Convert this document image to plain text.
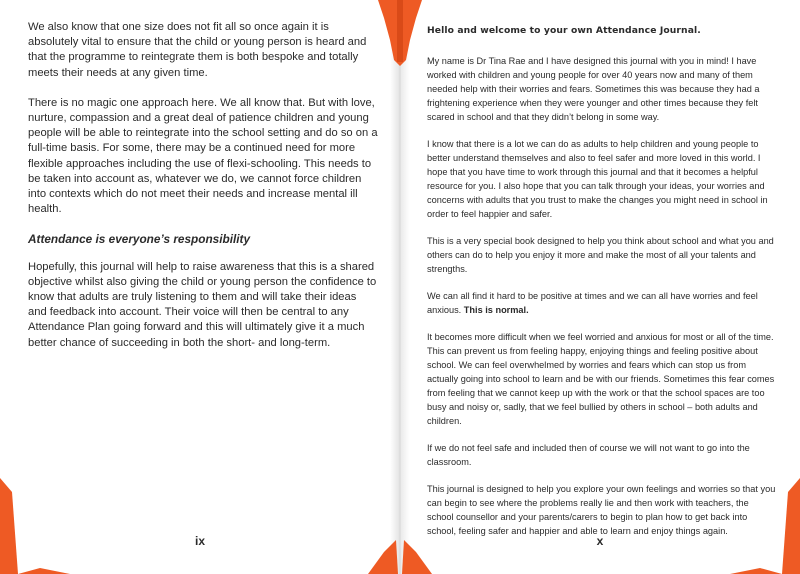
We also know that one size does not fit all so once again it is absolutely vital to ensure that the child or young person is heard and that the programme to reintegrate them is both bespoke and totally meets their needs at any given time.

There is no magic one approach here. We all know that. But with love, nurture, compassion and a great deal of patience children and young people will be able to reintegrate into the school setting and do so on a full-time basis. For some, there may be a continued need for more flexible approaches including the use of flexi-schooling. This needs to be taken into account as, whatever we do, we cannot force children into contexts which do not meet their needs and increase mental ill health.

Attendance is everyone’s responsibility

Hopefully, this journal will help to raise awareness that this is a shared objective whilst also giving the child or young person the confidence to know that adults are truly listening to them and will take their ideas and feedback into account. Their voice will then be central to any Attendance Plan going forward and this will ultimately give it a much better chance of succeeding in both the short- and long-term.

ix

Hello and welcome to your own Attendance Journal.

My name is Dr Tina Rae and I have designed this journal with you in mind! I have worked with children and young people for over 40 years now and many of them needed help with their worries and fears. Sometimes this was because they had a frightening experience when they were younger and other times because they felt scared in school and that they didn’t belong in some way.

I know that there is a lot we can do as adults to help children and young people to better understand themselves and also to feel safer and more loved in this world. I hope that you have time to work through this journal and that it becomes a helpful resource for you. I also hope that you can talk through your ideas, your worries and concerns with adults that you trust to make the changes you might need in school in order to feel happier and safer.

This is a very special book designed to help you think about school and what you and others can do to help you enjoy it more and make the most of all your talents and strengths.

We can all find it hard to be positive at times and we can all have worries and feel anxious. This is normal.

It becomes more difficult when we feel worried and anxious for most or all of the time. This can prevent us from feeling happy, enjoying things and feeling positive about school. We can feel overwhelmed by worries and fears which can stop us from actually going into school to learn and be with our friends. Sometimes this fear comes from feeling that we cannot keep up with the work or that the school spaces are too busy and noisy or, sadly, that we feel bullied by others in school – both adults and children.

If we do not feel safe and included then of course we will not want to go into the classroom.

This journal is designed to help you explore your own feelings and worries so that you can begin to see where the problems really lie and then work with teachers, the school counsellor and your parents/carers to begin to plan how to get back into school, feeling safer and happier and able to learn and enjoy things again.

x
